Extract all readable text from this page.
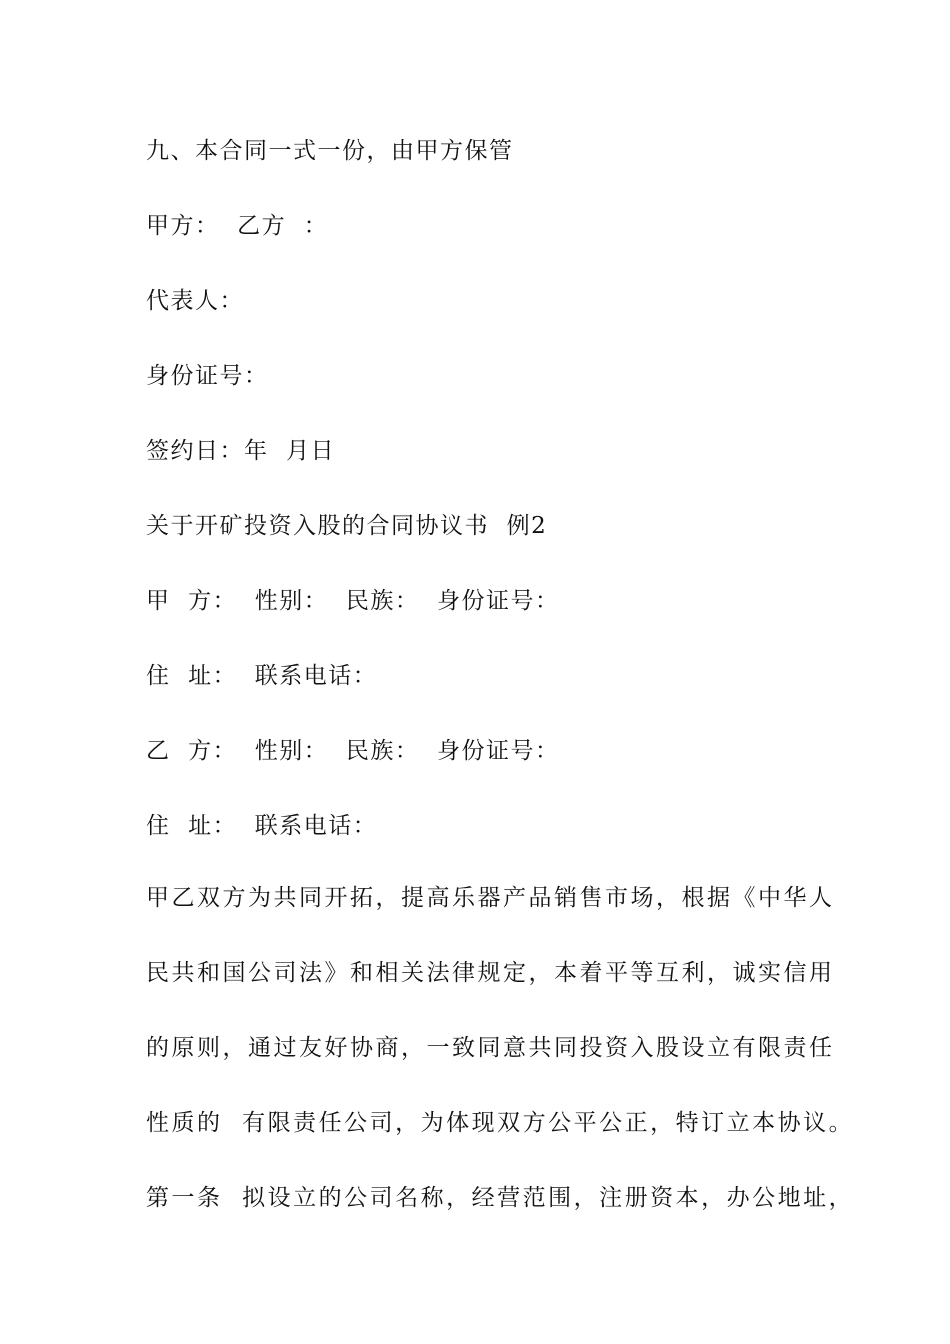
九、本合同一式一份，由甲方保管
甲方：  乙方  ：
代表人：
身份证号：
签约日：年  月日
关于开矿投资入股的合同协议书  例2
甲  方：  性别：  民族：  身份证号：
住  址：  联系电话：
乙  方：  性别：  民族：  身份证号：
住  址：  联系电话：
甲乙双方为共同开拓，提高乐器产品销售市场，根据《中华人
民共和国公司法》和相关法律规定，本着平等互利，诚实信用
的原则，通过友好协商，一致同意共同投资入股设立有限责任
性质的  有限责任公司，为体现双方公平公正，特订立本协议。
第一条  拟设立的公司名称，经营范围，注册资本，办公地址，
